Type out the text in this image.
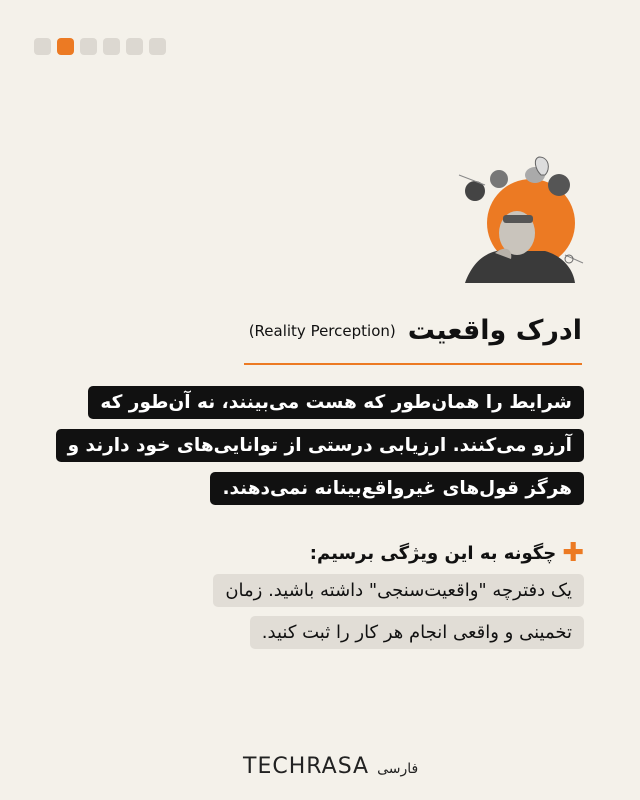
(Reality Perception) ادرک واقعیت
شرایط را همان‌طور که هست می‌بینند، نه آن‌طور که
آرزو می‌کنند. ارزیابی درستی از توانایی‌های خود دارند و
هرگز قول‌های غیرواقع‌بینانه نمی‌دهند.
✚
چگونه به این ویژگی برسیم:
یک دفترچه "واقعیت‌سنجی" داشته باشید. زمان
تخمینی و واقعی انجام هر کار را ثبت کنید.
TECHRASA فارسی
